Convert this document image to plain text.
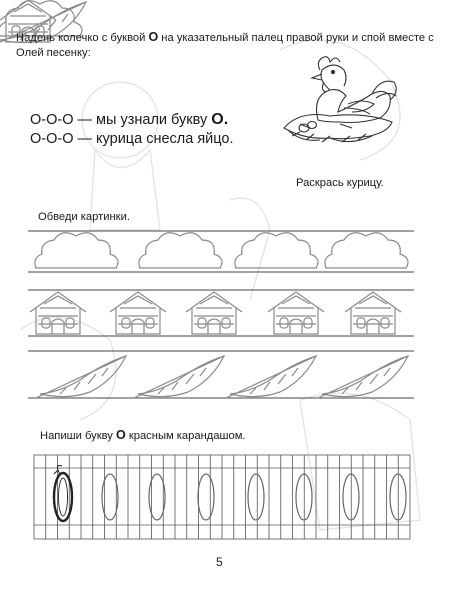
Надень колечко с буквой О на указательный палец правой руки и спой вместе с Олей песенку:
О-О-О — мы узнали букву О.
О-О-О — курица снесла яйцо.
Раскрась курицу.
Обведи картинки.
Напиши букву О красным карандашом.
5
